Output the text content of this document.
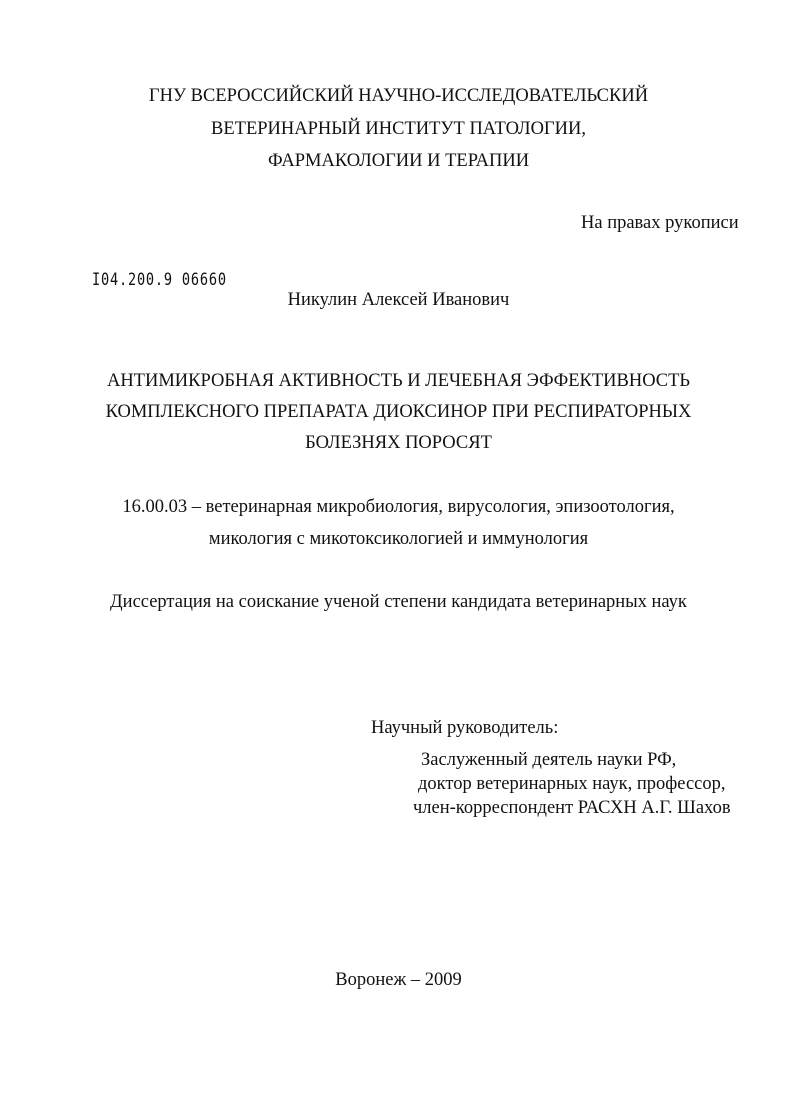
ГНУ ВСЕРОССИЙСКИЙ НАУЧНО-ИССЛЕДОВАТЕЛЬСКИЙ
ВЕТЕРИНАРНЫЙ ИНСТИТУТ ПАТОЛОГИИ,
ФАРМАКОЛОГИИ И ТЕРАПИИ
На правах рукописи
І04.200.9 06660
Никулин Алексей Иванович
АНТИМИКРОБНАЯ АКТИВНОСТЬ И ЛЕЧЕБНАЯ ЭФФЕКТИВНОСТЬ
КОМПЛЕКСНОГО ПРЕПАРАТА ДИОКСИНОР ПРИ РЕСПИРАТОРНЫХ
БОЛЕЗНЯХ ПОРОСЯТ
16.00.03 – ветеринарная микробиология, вирусология, эпизоотология,
микология с микотоксикологией и иммунология
Диссертация на соискание ученой степени кандидата ветеринарных наук
Научный руководитель:
Заслуженный деятель науки РФ,
доктор ветеринарных наук, профессор,
член-корреспондент РАСХН А.Г. Шахов
Воронеж – 2009
